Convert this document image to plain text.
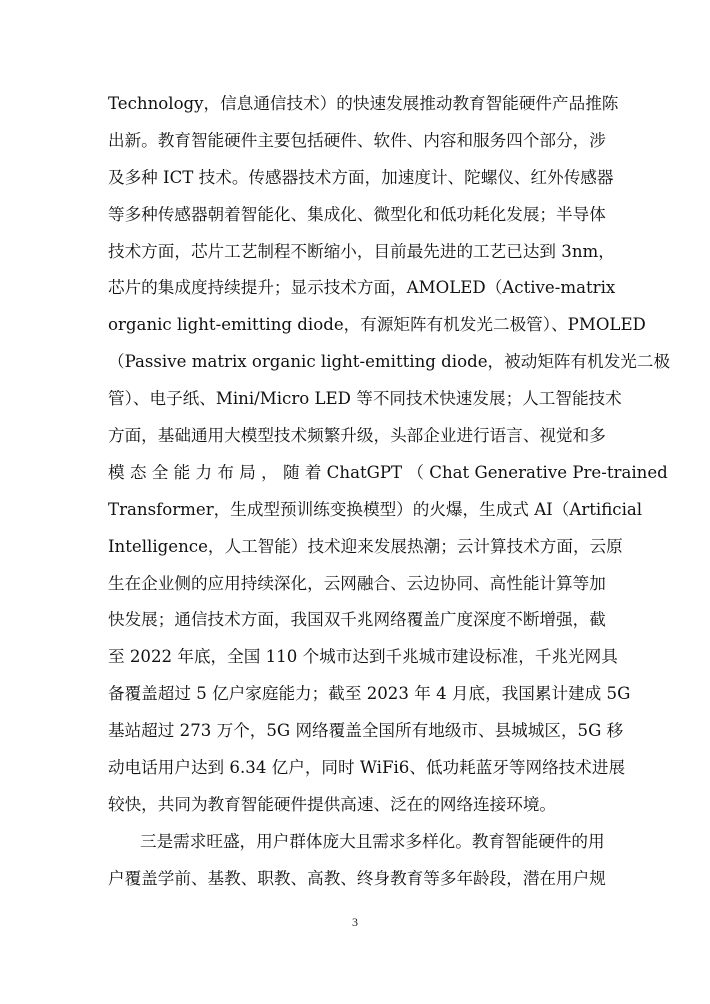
Technology，信息通信技术）的快速发展推动教育智能硬件产品推陈
出新。教育智能硬件主要包括硬件、软件、内容和服务四个部分，涉
及多种 ICT 技术。传感器技术方面，加速度计、陀螺仪、红外传感器
等多种传感器朝着智能化、集成化、微型化和低功耗化发展；半导体
技术方面，芯片工艺制程不断缩小，目前最先进的工艺已达到 3nm，
芯片的集成度持续提升；显示技术方面，AMOLED（Active-matrix
organic light-emitting diode，有源矩阵有机发光二极管）、PMOLED
（Passive matrix organic light-emitting diode，被动矩阵有机发光二极
管）、电子纸、Mini/Micro LED 等不同技术快速发展；人工智能技术
方面，基础通用大模型技术频繁升级，头部企业进行语言、视觉和多
模 态 全 能 力 布 局 ， 随 着 ChatGPT （ Chat Generative Pre-trained
Transformer，生成型预训练变换模型）的火爆，生成式 AI（Artificial
Intelligence，人工智能）技术迎来发展热潮；云计算技术方面，云原
生在企业侧的应用持续深化，云网融合、云边协同、高性能计算等加
快发展；通信技术方面，我国双千兆网络覆盖广度深度不断增强，截
至 2022 年底，全国 110 个城市达到千兆城市建设标准，千兆光网具
备覆盖超过 5 亿户家庭能力；截至 2023 年 4 月底，我国累计建成 5G
基站超过 273 万个，5G 网络覆盖全国所有地级市、县城城区，5G 移
动电话用户达到 6.34 亿户，同时 WiFi6、低功耗蓝牙等网络技术进展
较快，共同为教育智能硬件提供高速、泛在的网络连接环境。
三是需求旺盛，用户群体庞大且需求多样化。教育智能硬件的用
户覆盖学前、基教、职教、高教、终身教育等多年龄段，潜在用户规
3
